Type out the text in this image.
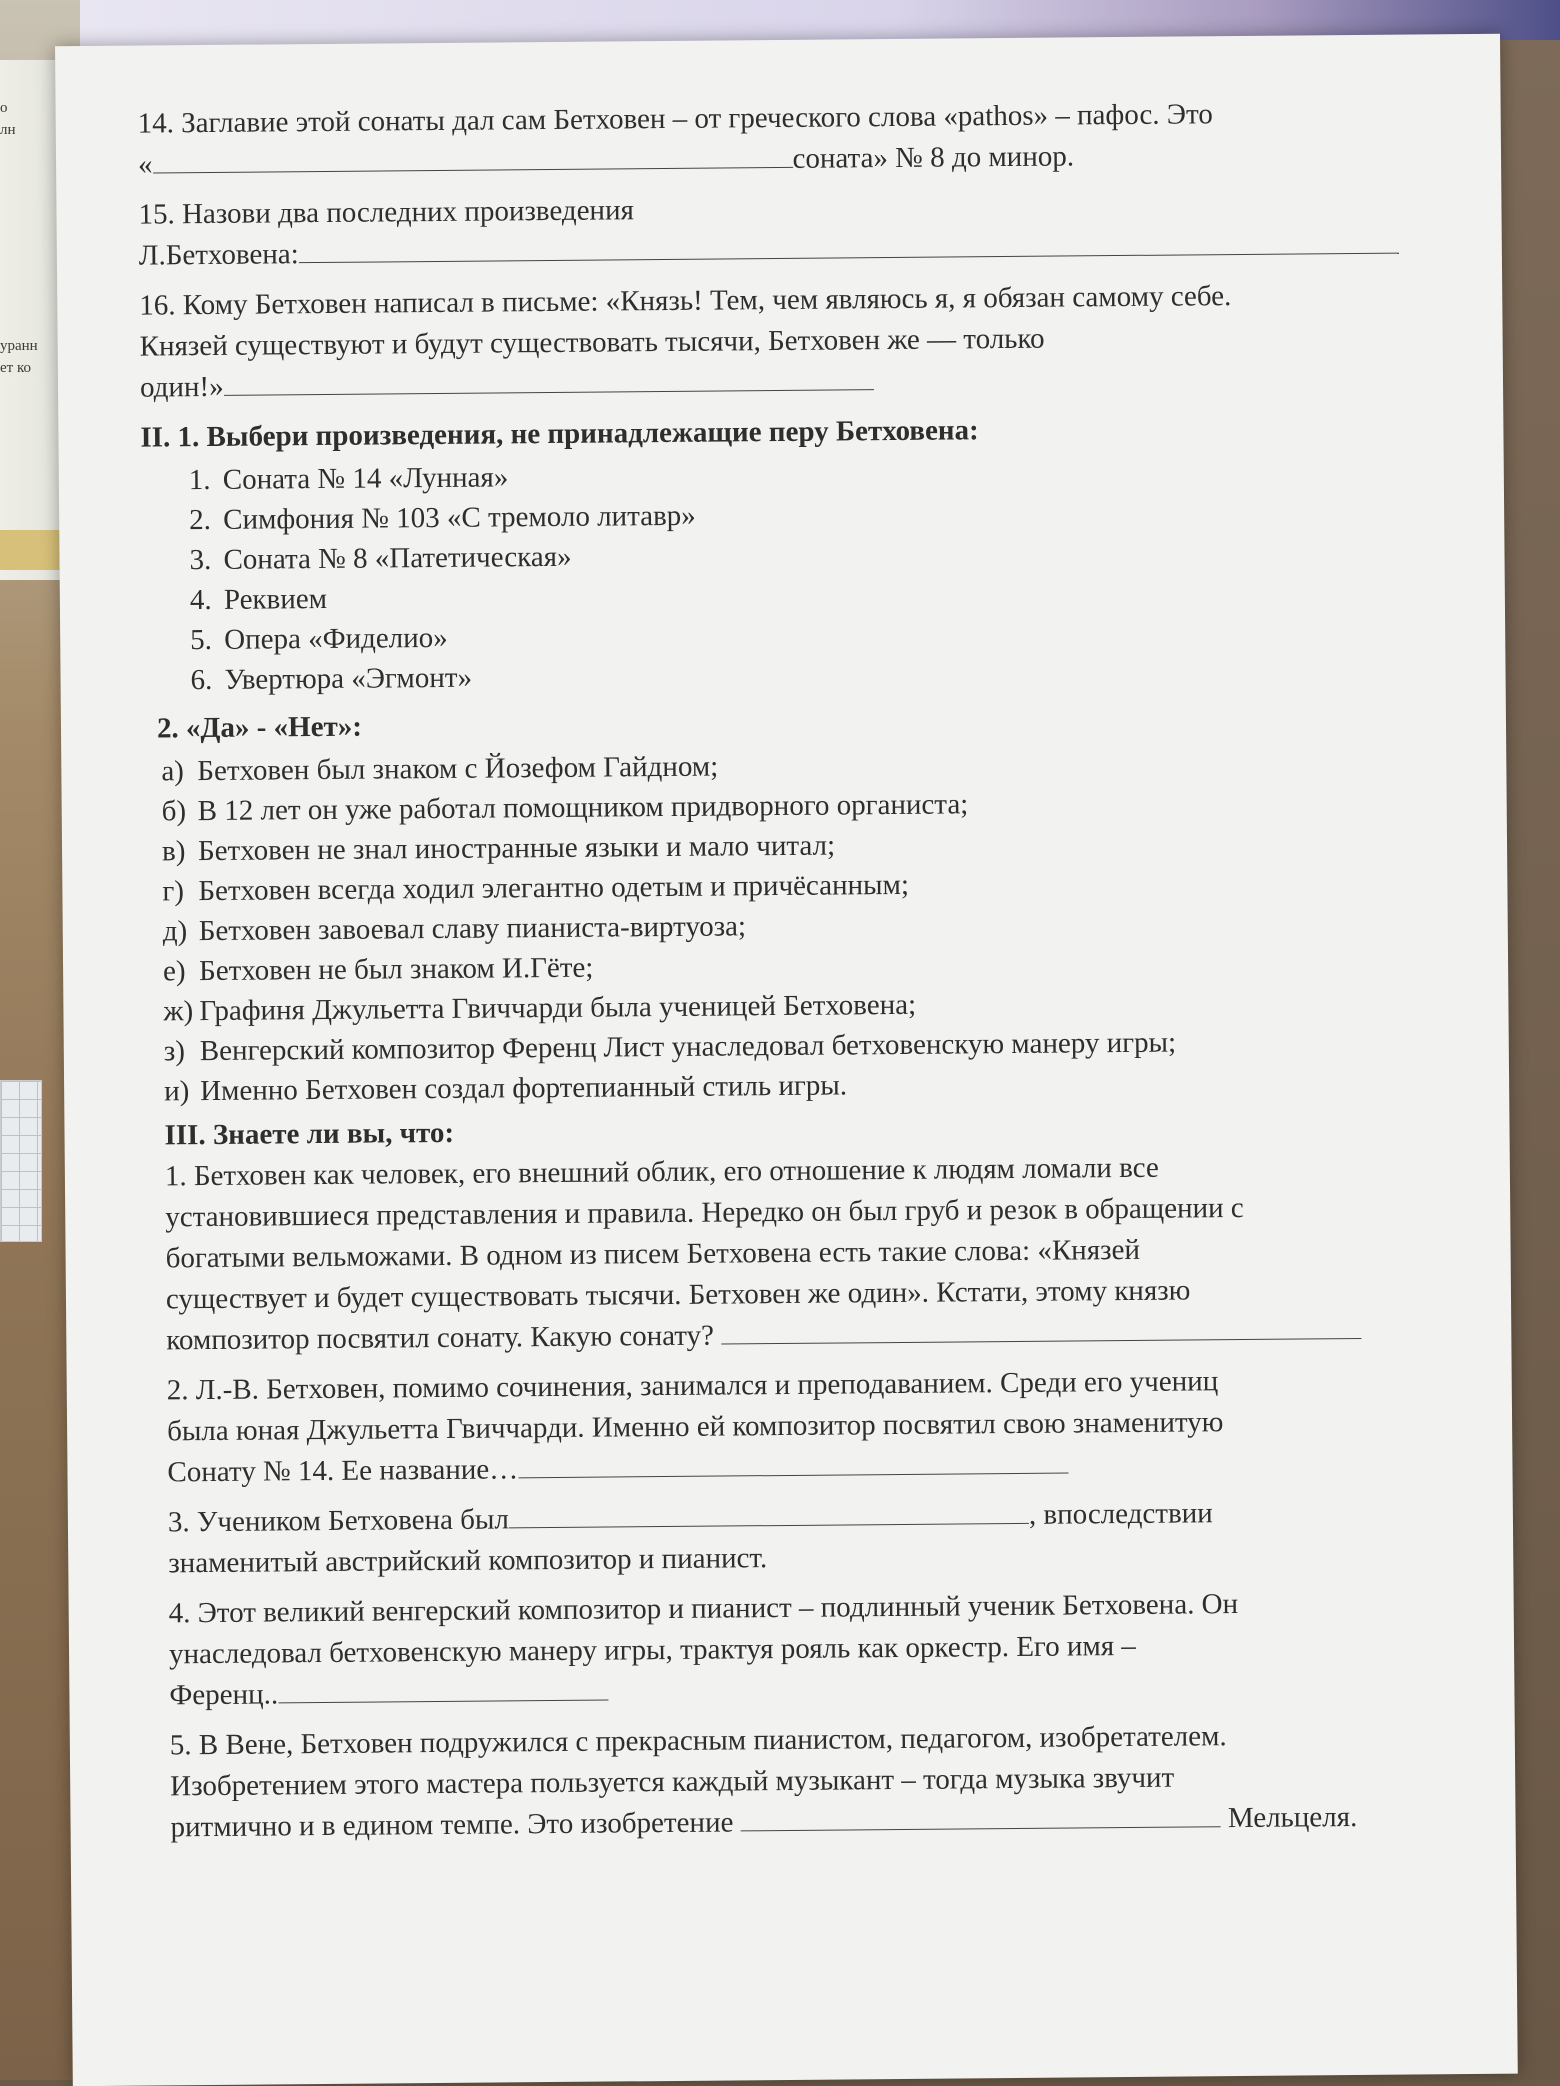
о
лн
уранн
ет ко

14. Заглавие этой сонаты дал сам Бетховен – от греческого слова «pathos» – пафос. Это
«	соната» № 8 до минор.

15. Назови два последних произведения
Л.Бетховена:

16. Кому Бетховен написал в письме: «Князь! Тем, чем являюсь я, я обязан самому себе.
Князей существуют и будут существовать тысячи, Бетховен же — только
один!»

II. 1. Выбери произведения, не принадлежащие перу Бетховена:

1. Соната № 14 «Лунная»
2. Симфония № 103 «С тремоло литавр»
3. Соната № 8 «Патетическая»
4. Реквием
5. Опера «Фиделио»
6. Увертюра «Эгмонт»

2. «Да» - «Нет»:

а) Бетховен был знаком с Йозефом Гайдном;
б) В 12 лет он уже работал помощником придворного органиста;
в) Бетховен не знал иностранные языки и мало читал;
г) Бетховен всегда ходил элегантно одетым и причёсанным;
д) Бетховен завоевал славу пианиста-виртуоза;
е) Бетховен не был знаком И.Гёте;
ж) Графиня Джульетта Гвиччарди была ученицей Бетховена;
з) Венгерский композитор Ференц Лист унаследовал бетховенскую манеру игры;
и) Именно Бетховен создал фортепианный стиль игры.

III. Знаете ли вы, что:

1. Бетховен как человек, его внешний облик, его отношение к людям ломали все
установившиеся представления и правила. Нередко он был груб и резок в обращении с
богатыми вельможами. В одном из писем Бетховена есть такие слова: «Князей
существует и будет существовать тысячи. Бетховен же один». Кстати, этому князю
композитор посвятил сонату. Какую сонату?

2. Л.-В. Бетховен, помимо сочинения, занимался и преподаванием. Среди его учениц
была юная Джульетта Гвиччарди. Именно ей композитор посвятил свою знаменитую
Сонату № 14. Ее название…

3. Учеником Бетховена был	, впоследствии
знаменитый австрийский композитор и пианист.

4. Этот великий венгерский композитор и пианист – подлинный ученик Бетховена. Он
унаследовал бетховенскую манеру игры, трактуя рояль как оркестр. Его имя –
Ференц..

5. В Вене, Бетховен подружился с прекрасным пианистом, педагогом, изобретателем.
Изобретением этого мастера пользуется каждый музыкант – тогда музыка звучит
ритмично и в едином темпе. Это изобретение	Мельцеля.
